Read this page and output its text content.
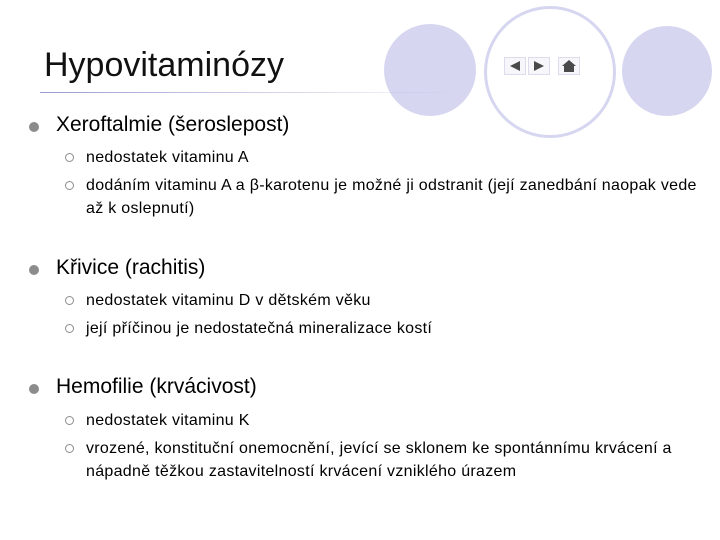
Hypovitaminózy
Xeroftalmie (šeroslepost)
nedostatek vitaminu A
dodáním vitaminu A a β-karotenu je možné ji odstranit (její zanedbání naopak vede až k oslepnutí)
Křivice (rachitis)
nedostatek vitaminu D v dětském věku
její příčinou je nedostatečná mineralizace kostí
Hemofilie (krvácivost)
nedostatek vitaminu K
vrozené, konstituční onemocnění, jevící se sklonem ke spontánnímu krvácení a nápadně těžkou zastavitelností krvácení vzniklého úrazem
